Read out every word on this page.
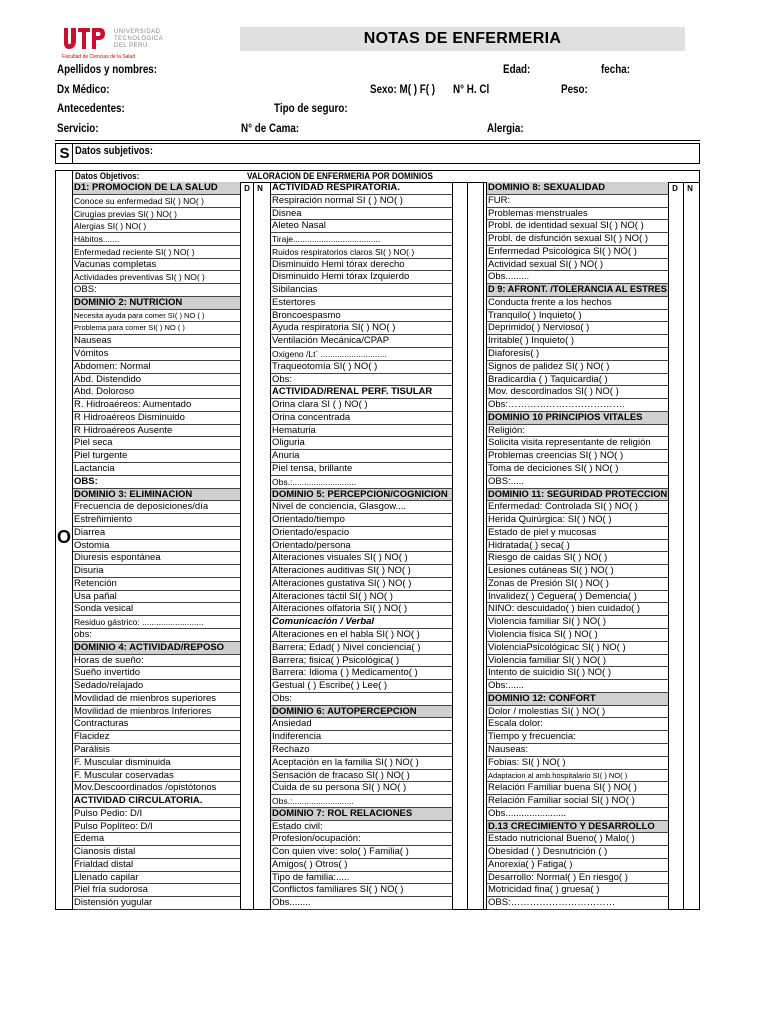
UNIVERSIDAD
TECNOLÓGICA
DEL PERÚ
Facultad de Ciencias de la Salud
NOTAS DE ENFERMERIA
Apellidos y nombres:	Edad:	fecha:
Dx Médico:	Sexo: M( ) F( ) N° H. Cl	Peso:
Antecedentes:	Tipo de seguro:
Servicio:	N° de Cama:	Alergia:
S Datos subjetivos:
O
Datos Objetivos:	VALORACION DE ENFERMERIA POR DOMINIOS
D N	D	N
D1: PROMOCION DE LA SALUD
Conoce su enfermedad SI( ) NO( )
Cirugías previas SI( ) NO( )
Alergias SI( ) NO( )
Hábitos.......
Enfermedad reciente SI( ) NO( )
Vacunas completas
Actividades preventivas SI( ) NO( )
OBS:
DOMINIO 2: NUTRICION
Necesita ayuda para comer SI( ) NO ( )
Problema para comer SI( ) NO ( )
Nauseas
Vómitos
Abdomen: Normal
Abd. Distendido
Abd. Doloroso
R. Hidroaéreos: Aumentado
R Hidroaéreos Disminuido
R Hidroaéreos Ausente
Piel seca
Piel turgente
Lactancia
OBS:
DOMINIO 3: ELIMINACION
Frecuencia de deposiciones/día
Estreñimiento
Diarrea
Ostomia
Diuresis espontánea
Disuria
Retención
Usa pañal
Sonda vesical
Residuo gástrico: ..........................
obs:
DOMINIO 4: ACTIVIDAD/REPOSO
Horas de sueño:
Sueño invertido
Sedado/relajado
Movilidad de mienbros superiores
Movilidad de mienbros Inferiores
Contracturas
Flacidez
Parálisis
F. Muscular disminuida
F. Muscular coservadas
Mov.Descoordinados /opistótonos
ACTIVIDAD CIRCULATORIA.
Pulso Pedio: D/I
Pulso Poplíteo: D/I
Edema
Cianosis distal
Frialdad distal
Llenado capilar
Piel fría sudorosa
Distensión yugular
ACTIVIDAD RESPIRATORIA.
Respiración normal SI ( ) NO( )
Disnea
Aleteo Nasal
Tiraje.....................................
Ruidos respiratorios claros SI( ) NO( )
Disminuido Hemi tórax derecho
Disminuido Hemi tórax Izquierdo
Sibilancias
Estertores
Broncoespasmo
Ayuda respiratoria SI( ) NO( )
Ventilación Mecánica/CPAP
Oxigeno /Lt´ ............................
Traqueotomía SI( ) NO( )
Obs:
ACTIVIDAD/RENAL PERF. TISULAR
Orina clara SI ( ) NO( )
Orina concentrada
Hematuria
Oliguria
Anuria
Piel tensa, brillante
Obs.:...........................
DOMINIO 5: PERCEPCION/COGNICION
Nivel de conciencia, Glasgow....
Orientado/tiempo
Orientado/espacio
Orientado/persona
Alteraciones visuales SI( ) NO( )
Alteraciones auditivas SI( ) NO( )
Alteraciones gustativa SI( ) NO( )
Alteraciones táctil SI( ) NO( )
Alteraciones olfatoria SI( ) NO( )
Comunicación / Verbal
Alteraciones en el habla SI( ) NO( )
Barrera; Edad( ) Nivel conciencia( )
Barrera; fisica( ) Psicológica( )
Barrera: Idioma ( ) Medicamento( )
Gestual ( ) Escribe( ) Lee( )
Obs:
DOMINIO 6: AUTOPERCEPCION
Ansiedad
Indiferencia
Rechazo
Aceptación en la familia SI( ) NO( )
Sensación de fracaso SI( ) NO( )
Cuida de su persona SI( ) NO( )
Obs.:..........................
DOMINIO 7: ROL RELACIONES
Estado civil:
Profesion/ocupación:
Con quien vive: solo( ) Familia( )
Amigos( ) Otros( )
Tipo de familia:.....
Conflictos familiares SI( ) NO( )
Obs........
DOMINIO 8: SEXUALIDAD
FUR:
Problemas menstruales
Probl. de identidad sexual SI( ) NO( )
Probl. de disfunción sexual SI( ) NO( )
Enfermedad Psicológica SI( ) NO( )
Actividad sexual SI( ) NO( )
Obs.........
D 9: AFRONT. /TOLERANCIA AL ESTRES
Conducta frente a los hechos
Tranquilo( ) Inquieto( )
Deprimido( ) Nervioso( )
Irritable( ) Inquieto( )
Diaforesis( )
Signos de palidez SI( ) NO( )
Bradicardia ( ) Taquicardia( )
Mov. descordinados SI( ) NO( )
Obs:……………………………….
DOMINIO 10 PRINCIPIOS VITALES
Religión:
Solicita visita representante de religión
Problemas creencias SI( ) NO( )
Toma de deciciones SI( ) NO( )
OBS:.....
DOMINIO 11: SEGURIDAD PROTECCION
Enfermedad: Controlada SI( ) NO( )
Herida Quirúrgica: SI( ) NO( )
Estado de piel y mucosas
Hidratada( ) seca( )
Riesgo de caidas SI( ) NO( )
Lesiones cutáneas SI( ) NO( )
Zonas de Presión SI( ) NO( )
Invalidez( ) Ceguera( ) Demencia( )
NINO: descuidado( ) bien cuidado( )
Violencia familiar SI( ) NO( )
Violencia física SI( ) NO( )
ViolenciaPsicológicac SI( ) NO( )
Violencia familiar SI( ) NO( )
Intento de suicidio SI( ) NO( )
Obs:......
DOMINIO 12: CONFORT
Dolor / molestias SI( ) NO( )
Escala dolor:
Tiempo y frecuencia:
Nauseas:
Fobias: SI( ) NO( )
Adaptacion al amb.hospitalario SI( ) NO( )
Relación Familiar buena SI( ) NO( )
Relación Familiar social SI( ) NO( )
Obs.......................
D.13 CRECIMIENTO Y DESARROLLO
Estado nutricional Bueno( ) Malo( )
Obesidad ( ) Desnutrición ( )
Anorexia( ) Fatiga( )
Desarrollo: Normal( ) En riesgo( )
Motricidad fina( ) gruesa( )
OBS:……………………………
